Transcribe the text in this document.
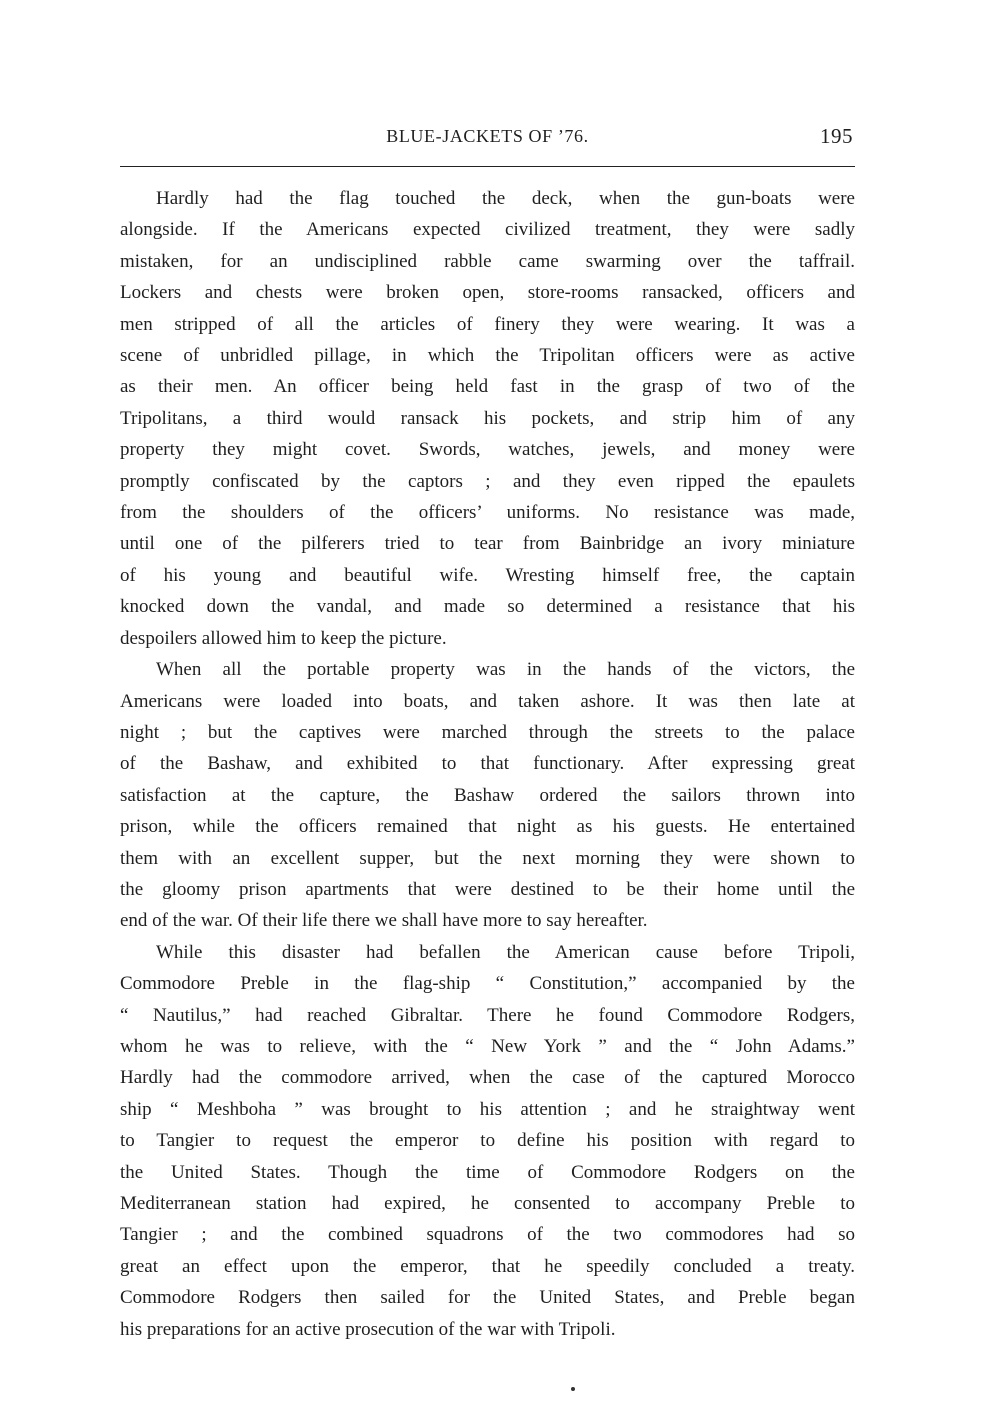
BLUE-JACKETS OF ’76.	195

Hardly had the flag touched the deck, when the gun-boats were
alongside. If the Americans expected civilized treatment, they were sadly
mistaken, for an undisciplined rabble came swarming over the taffrail.
Lockers and chests were broken open, store-rooms ransacked, officers and
men stripped of all the articles of finery they were wearing. It was a
scene of unbridled pillage, in which the Tripolitan officers were as active
as their men. An officer being held fast in the grasp of two of the
Tripolitans, a third would ransack his pockets, and strip him of any
property they might covet. Swords, watches, jewels, and money were
promptly confiscated by the captors ; and they even ripped the epaulets
from the shoulders of the officers’ uniforms. No resistance was made,
until one of the pilferers tried to tear from Bainbridge an ivory miniature
of his young and beautiful wife. Wresting himself free, the captain
knocked down the vandal, and made so determined a resistance that his
despoilers allowed him to keep the picture.

When all the portable property was in the hands of the victors, the
Americans were loaded into boats, and taken ashore. It was then late at
night ; but the captives were marched through the streets to the palace
of the Bashaw, and exhibited to that functionary. After expressing great
satisfaction at the capture, the Bashaw ordered the sailors thrown into
prison, while the officers remained that night as his guests. He entertained
them with an excellent supper, but the next morning they were shown to
the gloomy prison apartments that were destined to be their home until the
end of the war. Of their life there we shall have more to say hereafter.

While this disaster had befallen the American cause before Tripoli,
Commodore Preble in the flag-ship “ Constitution,” accompanied by the
“ Nautilus,” had reached Gibraltar. There he found Commodore Rodgers,
whom he was to relieve, with the “ New York ” and the “ John Adams.”
Hardly had the commodore arrived, when the case of the captured Morocco
ship “ Meshboha ” was brought to his attention ; and he straightway went
to Tangier to request the emperor to define his position with regard to
the United States. Though the time of Commodore Rodgers on the
Mediterranean station had expired, he consented to accompany Preble to
Tangier ; and the combined squadrons of the two commodores had so
great an effect upon the emperor, that he speedily concluded a treaty.
Commodore Rodgers then sailed for the United States, and Preble began
his preparations for an active prosecution of the war with Tripoli.
